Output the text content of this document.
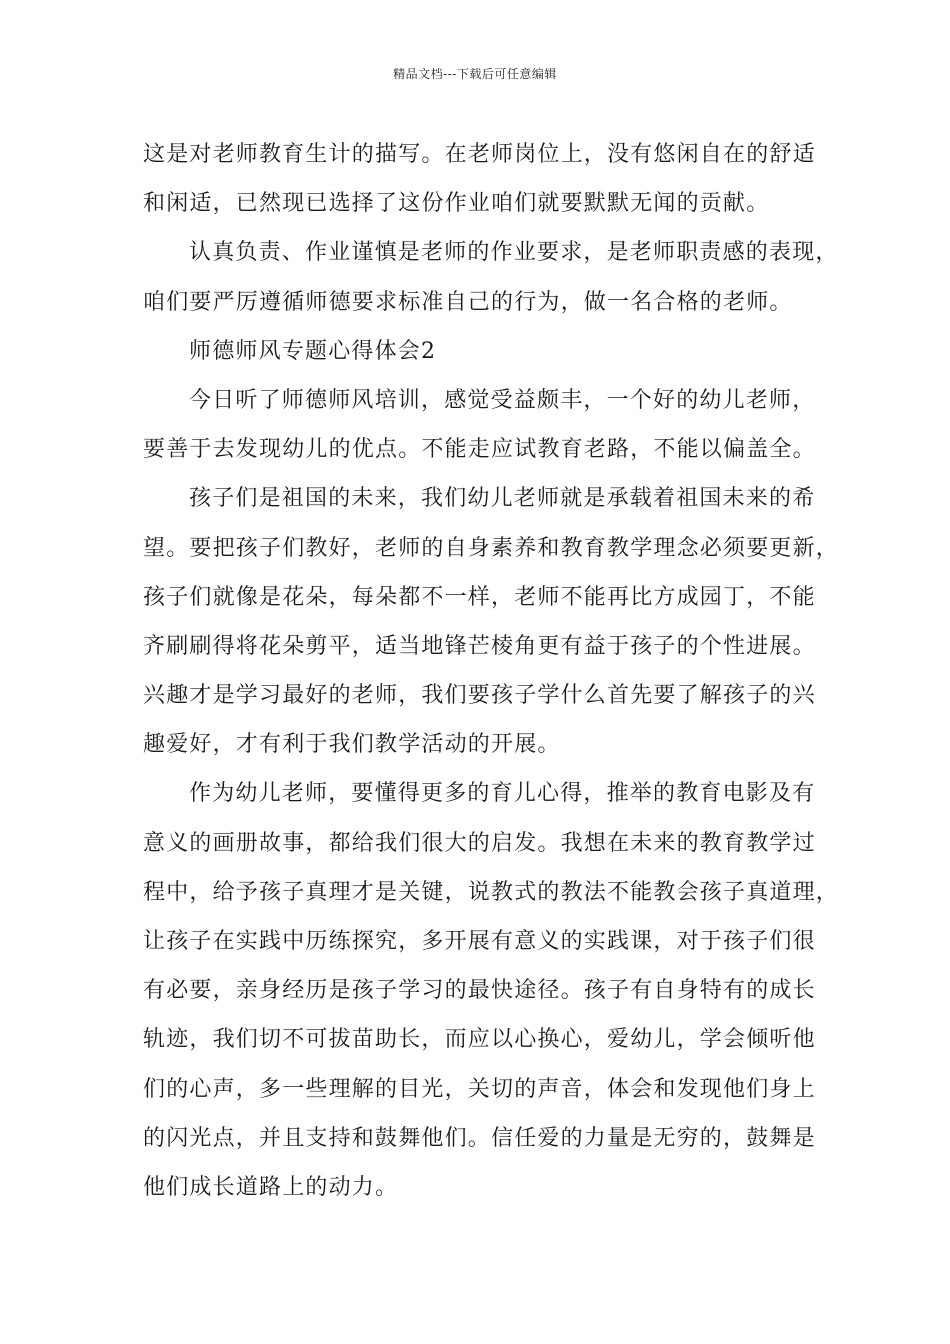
精品文档---下载后可任意编辑

这是对老师教育生计的描写。在老师岗位上，没有悠闲自在的舒适
和闲适，已然现已选择了这份作业咱们就要默默无闻的贡献。

认真负责、作业谨慎是老师的作业要求，是老师职责感的表现，
咱们要严厉遵循师德要求标准自己的行为，做一名合格的老师。

师德师风专题心得体会2

今日听了师德师风培训，感觉受益颇丰，一个好的幼儿老师，
要善于去发现幼儿的优点。不能走应试教育老路，不能以偏盖全。

孩子们是祖国的未来，我们幼儿老师就是承载着祖国未来的希
望。要把孩子们教好，老师的自身素养和教育教学理念必须要更新，
孩子们就像是花朵，每朵都不一样，老师不能再比方成园丁，不能
齐刷刷得将花朵剪平，适当地锋芒棱角更有益于孩子的个性进展。
兴趣才是学习最好的老师，我们要孩子学什么首先要了解孩子的兴
趣爱好，才有利于我们教学活动的开展。

作为幼儿老师，要懂得更多的育儿心得，推举的教育电影及有
意义的画册故事，都给我们很大的启发。我想在未来的教育教学过
程中，给予孩子真理才是关键，说教式的教法不能教会孩子真道理，
让孩子在实践中历练探究，多开展有意义的实践课，对于孩子们很
有必要，亲身经历是孩子学习的最快途径。孩子有自身特有的成长
轨迹，我们切不可拔苗助长，而应以心换心，爱幼儿，学会倾听他
们的心声，多一些理解的目光，关切的声音，体会和发现他们身上
的闪光点，并且支持和鼓舞他们。信任爱的力量是无穷的，鼓舞是
他们成长道路上的动力。
